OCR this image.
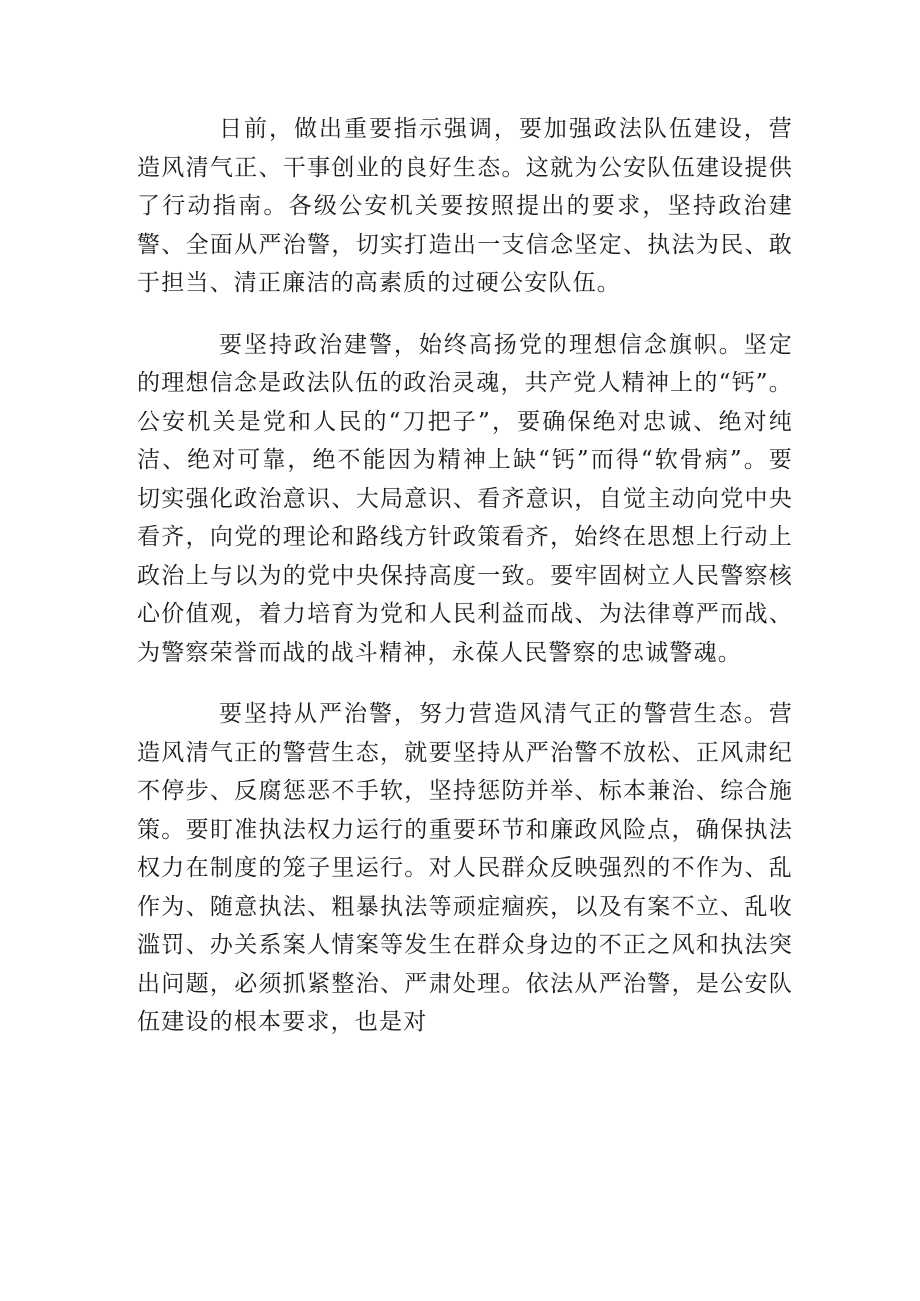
日前，做出重要指示强调，要加强政法队伍建设，营造风清气正、干事创业的良好生态。这就为公安队伍建设提供了行动指南。各级公安机关要按照提出的要求，坚持政治建警、全面从严治警，切实打造出一支信念坚定、执法为民、敢于担当、清正廉洁的高素质的过硬公安队伍。

要坚持政治建警，始终高扬党的理想信念旗帜。坚定的理想信念是政法队伍的政治灵魂，共产党人精神上的“钙”。公安机关是党和人民的“刀把子”，要确保绝对忠诚、绝对纯洁、绝对可靠，绝不能因为精神上缺“钙”而得“软骨病”。要切实强化政治意识、大局意识、看齐意识，自觉主动向党中央看齐，向党的理论和路线方针政策看齐，始终在思想上行动上政治上与以为的党中央保持高度一致。要牢固树立人民警察核心价值观，着力培育为党和人民利益而战、为法律尊严而战、为警察荣誉而战的战斗精神，永葆人民警察的忠诚警魂。

要坚持从严治警，努力营造风清气正的警营生态。营造风清气正的警营生态，就要坚持从严治警不放松、正风肃纪不停步、反腐惩恶不手软，坚持惩防并举、标本兼治、综合施策。要盯准执法权力运行的重要环节和廉政风险点，确保执法权力在制度的笼子里运行。对人民群众反映强烈的不作为、乱作为、随意执法、粗暴执法等顽症痼疾，以及有案不立、乱收滥罚、办关系案人情案等发生在群众身边的不正之风和执法突出问题，必须抓紧整治、严肃处理。依法从严治警，是公安队伍建设的根本要求，也是对
